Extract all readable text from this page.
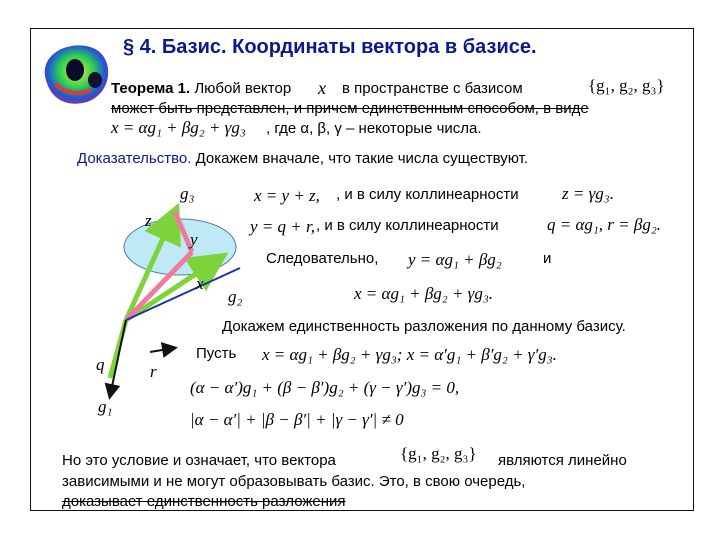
§ 4. Базис. Координаты вектора в базисе.
Теорема 1. Любой вектор x в пространстве с базисом	{g₁, g₂, g₃}
может быть представлен, и причем единственным способом, в виде
x = αg₁ + βg₂ + γg₃ , где α, β, γ – некоторые числа.
Доказательство. Докажем вначале, что такие числа существуют.
x = y + z, , и в силу коллинеарности	z = γg₃.
y = q + r, , и в силу коллинеарности	q = αg₁, r = βg₂.
Следовательно, y = αg₁ + βg₂	и
x = αg₁ + βg₂ + γg₃.
Докажем единственность разложения по данному базису.
Пусть x = αg₁ + βg₂ + γg₃; x = α′g₁ + β′g₂ + γ′g₃.
(α − α′)g₁ + (β − β′)g₂ + (γ − γ′)g₃ = 0,
|α − α′| + |β − β′| + |γ − γ′| ≠ 0
Но это условие и означает, что вектора	{g₁, g₂, g₃} являются линейно
зависимыми и не могут образовывать базис. Это, в свою очередь,
доказывает единственность разложения
g₃
z
y
x
g₂
q	r
g₁
